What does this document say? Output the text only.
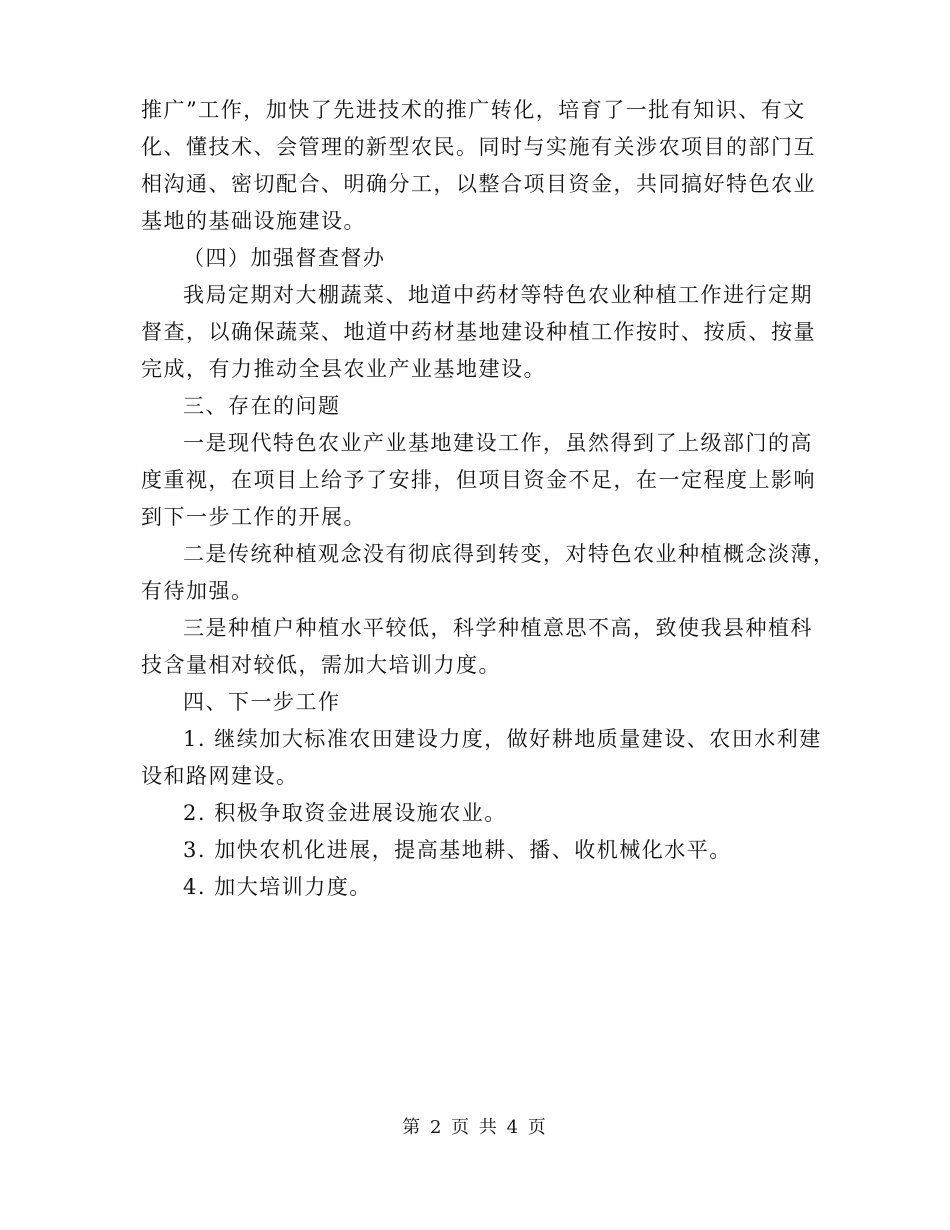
推广”工作，加快了先进技术的推广转化，培育了一批有知识、有文
化、懂技术、会管理的新型农民。同时与实施有关涉农项目的部门互
相沟通、密切配合、明确分工，以整合项目资金，共同搞好特色农业
基地的基础设施建设。
（四）加强督查督办
我局定期对大棚蔬菜、地道中药材等特色农业种植工作进行定期
督查，以确保蔬菜、地道中药材基地建设种植工作按时、按质、按量
完成，有力推动全县农业产业基地建设。
三、存在的问题
一是现代特色农业产业基地建设工作，虽然得到了上级部门的高
度重视，在项目上给予了安排，但项目资金不足，在一定程度上影响
到下一步工作的开展。
二是传统种植观念没有彻底得到转变，对特色农业种植概念淡薄，
有待加强。
三是种植户种植水平较低，科学种植意思不高，致使我县种植科
技含量相对较低，需加大培训力度。
四、下一步工作
1. 继续加大标准农田建设力度，做好耕地质量建设、农田水利建
设和路网建设。
2. 积极争取资金进展设施农业。
3. 加快农机化进展，提高基地耕、播、收机械化水平。
4. 加大培训力度。
第 2 页 共 4 页
